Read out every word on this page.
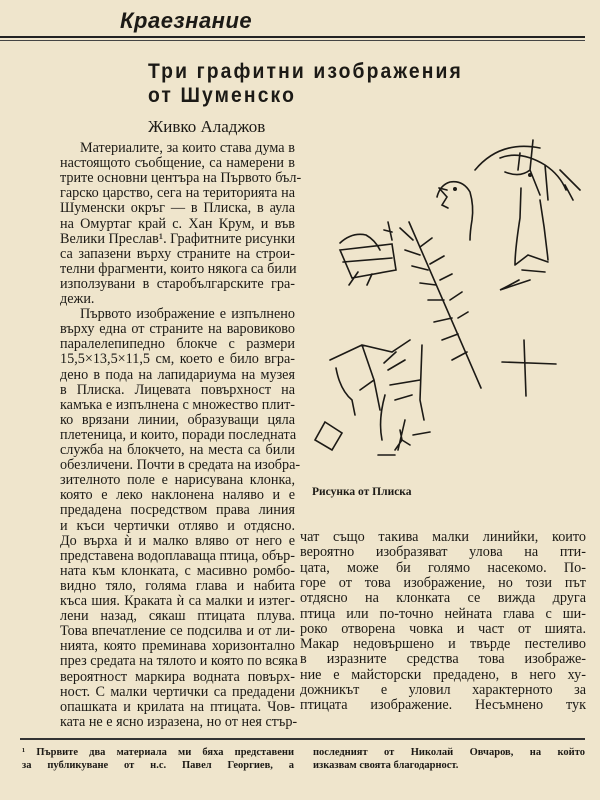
Краезнание
Три графитни изображения
от Шуменско
Живко Аладжов
Материалите, за които става дума в
настоящото съобщение, са намерени в
трите основни центъра на Първото бъл-
гарско царство, сега на територията на
Шуменски окръг — в Плиска, в аула
на Омуртаг край с. Хан Крум, и във
Велики Преслав¹. Графитните рисунки
са запазени върху страните на строи-
телни фрагменти, които някога са били
използувани в старобългарските гра-
дежи.
Първото изображение е изпълнено
върху една от страните на варовиково
паралелепипедно блокче с размери
15,5×13,5×11,5 см, което е било вгра-
дено в пода на лапидариума на музея
в Плиска. Лицевата повърхност на
камъка е изпълнена с множество плит-
ко врязани линии, образуващи цяла
плетеница, и които, поради последната
служба на блокчето, на места са били
обезличени. Почти в средата на изобра-
зителното поле е нарисувана клонка,
която е леко наклонена наляво и е
предадена посредством права линия
и къси чертички отляво и отдясно.
До върха ѝ и малко вляво от него е
представена водоплаваща птица, обър-
ната към клонката, с масивно ромбо-
видно тяло, голяма глава и набита
къса шия. Краката ѝ са малки и изтег-
лени назад, сякаш птицата плува.
Това впечатление се подсилва и от ли-
нията, която преминава хоризонтално
през средата на тялото и която по всяка
вероятност маркира водната повърх-
ност. С малки чертички са предадени
опашката и крилата на птицата. Чов-
ката не е ясно изразена, но от нея стър-
чат също такива малки линийки, които
вероятно изобразяват улова на пти-
цата, може би голямо насекомо. По-
горе от това изображение, но този път
отдясно на клонката се вижда друга
птица или по-точно нейната глава с ши-
роко отворена човка и част от шията.
Макар недовършено и твърде пестеливо
в изразните средства това изображе-
ние е майсторски предадено, в него ху-
дожникът е уловил характерното за
птицата изображение. Несъмнено тук
Рисунка от Плиска
¹ Първите два материала ми бяха представени
за публикуване от н.с. Павел Георгиев, а
последният от Николай Овчаров, на който
изказвам своята благодарност.
